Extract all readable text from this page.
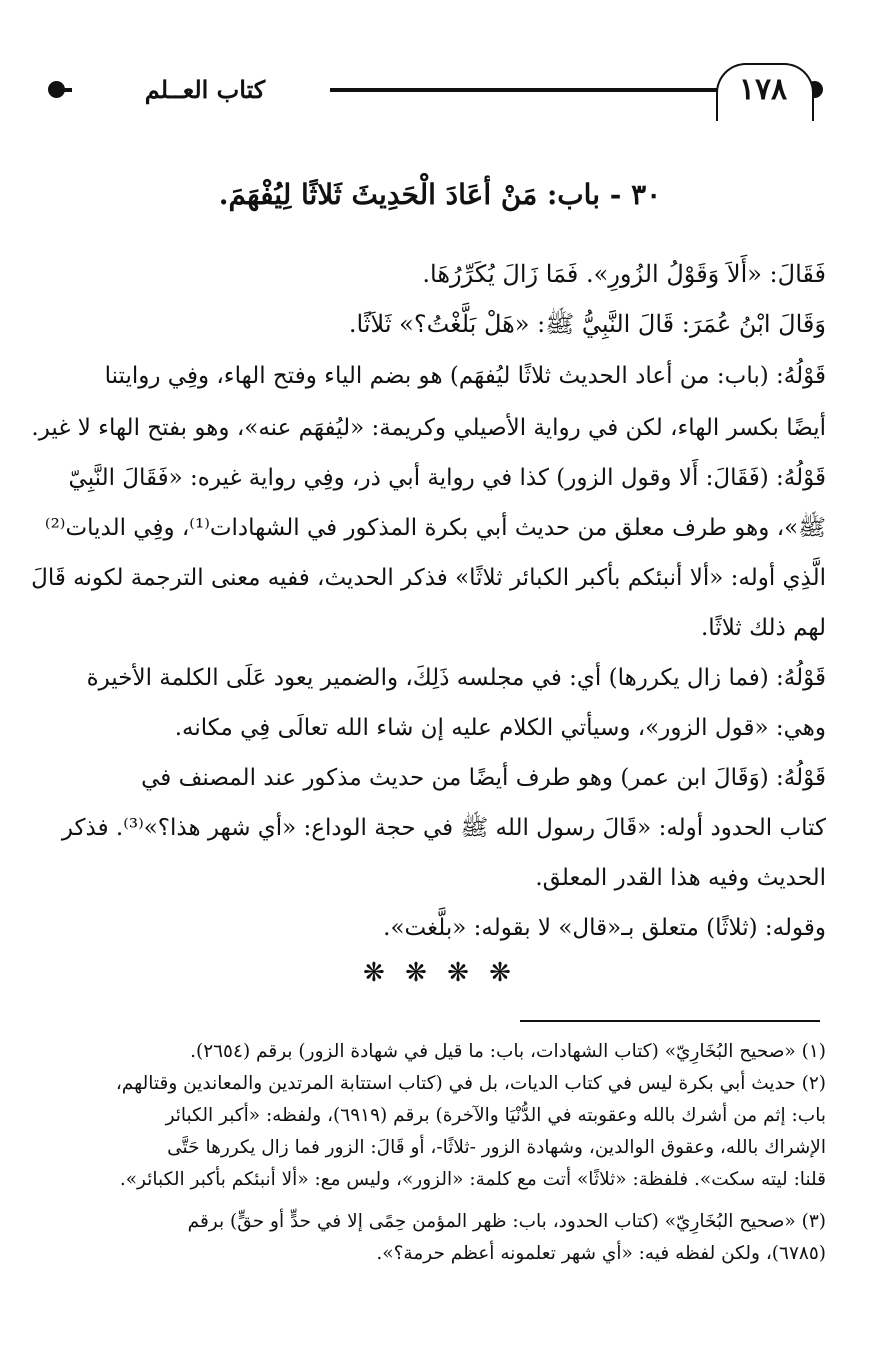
١٧٨
كتاب العــلم
٣٠ - باب: مَنْ أعَادَ الْحَدِيثَ ثَلاثًا لِيُفْهَمَ.
فَقَالَ: «أَلاَ وَقَوْلُ الزُورِ». فَمَا زَالَ يُكَرِّرُهَا.
وَقَالَ ابْنُ عُمَرَ: قَالَ النَّبِيُّ ﷺ: «هَلْ بَلَّغْتُ؟» ثَلاَثًا.
قَوْلُهُ: (باب: من أعاد الحديث ثلاثًا ليُفهَم) هو بضم الياء وفتح الهاء، وفِي روايتنا
أيضًا بكسر الهاء، لكن في رواية الأصيلي وكريمة: «ليُفهَم عنه»، وهو بفتح الهاء لا غير.
قَوْلُهُ: (فَقَالَ: أَلا وقول الزور) كذا في رواية أبي ذر، وفِي رواية غيره: «فَقَالَ النَّبِيّ
ﷺ»، وهو طرف معلق من حديث أبي بكرة المذكور في الشهادات⁽¹⁾، وفِي الديات⁽²⁾
الَّذِي أوله: «ألا أنبئكم بأكبر الكبائر ثلاثًا» فذكر الحديث، ففيه معنى الترجمة لكونه قَالَ
لهم ذلك ثلاثًا.
قَوْلُهُ: (فما زال يكررها) أي: في مجلسه ذَلِكَ، والضمير يعود عَلَى الكلمة الأخيرة
وهي: «قول الزور»، وسيأتي الكلام عليه إن شاء الله تعالَى فِي مكانه.
قَوْلُهُ: (وَقَالَ ابن عمر) وهو طرف أيضًا من حديث مذكور عند المصنف في
كتاب الحدود أوله: «قَالَ رسول الله ﷺ في حجة الوداع: «أي شهر هذا؟»⁽³⁾. فذكر
الحديث وفيه هذا القدر المعلق.
وقوله: (ثلاثًا) متعلق بـ«قال» لا بقوله: «بلَّغت».
❋ ❋ ❋ ❋
(١) «صحيح البُخَارِيّ» (كتاب الشهادات، باب: ما قيل في شهادة الزور) برقم (٢٦٥٤).
(٢) حديث أبي بكرة ليس في كتاب الديات، بل في (كتاب استتابة المرتدين والمعاندين وقتالهم،
باب: إثم من أشرك بالله وعقوبته في الدُّنْيَا والآخرة) برقم (٦٩١٩)، ولفظه: «أكبر الكبائر
الإشراك بالله، وعقوق الوالدين، وشهادة الزور -ثلاثًا-، أو قَالَ: الزور فما زال يكررها حَتَّى
قلنا: ليته سكت». فلفظة: «ثلاثًا» أتت مع كلمة: «الزور»، وليس مع: «ألا أنبئكم بأكبر الكبائر».
(٣) «صحيح البُخَارِيّ» (كتاب الحدود، باب: ظهر المؤمن حِمًى إلا في حدٍّ أو حقٍّ) برقم
(٦٧٨٥)، ولكن لفظه فيه: «أي شهر تعلمونه أعظم حرمة؟».
